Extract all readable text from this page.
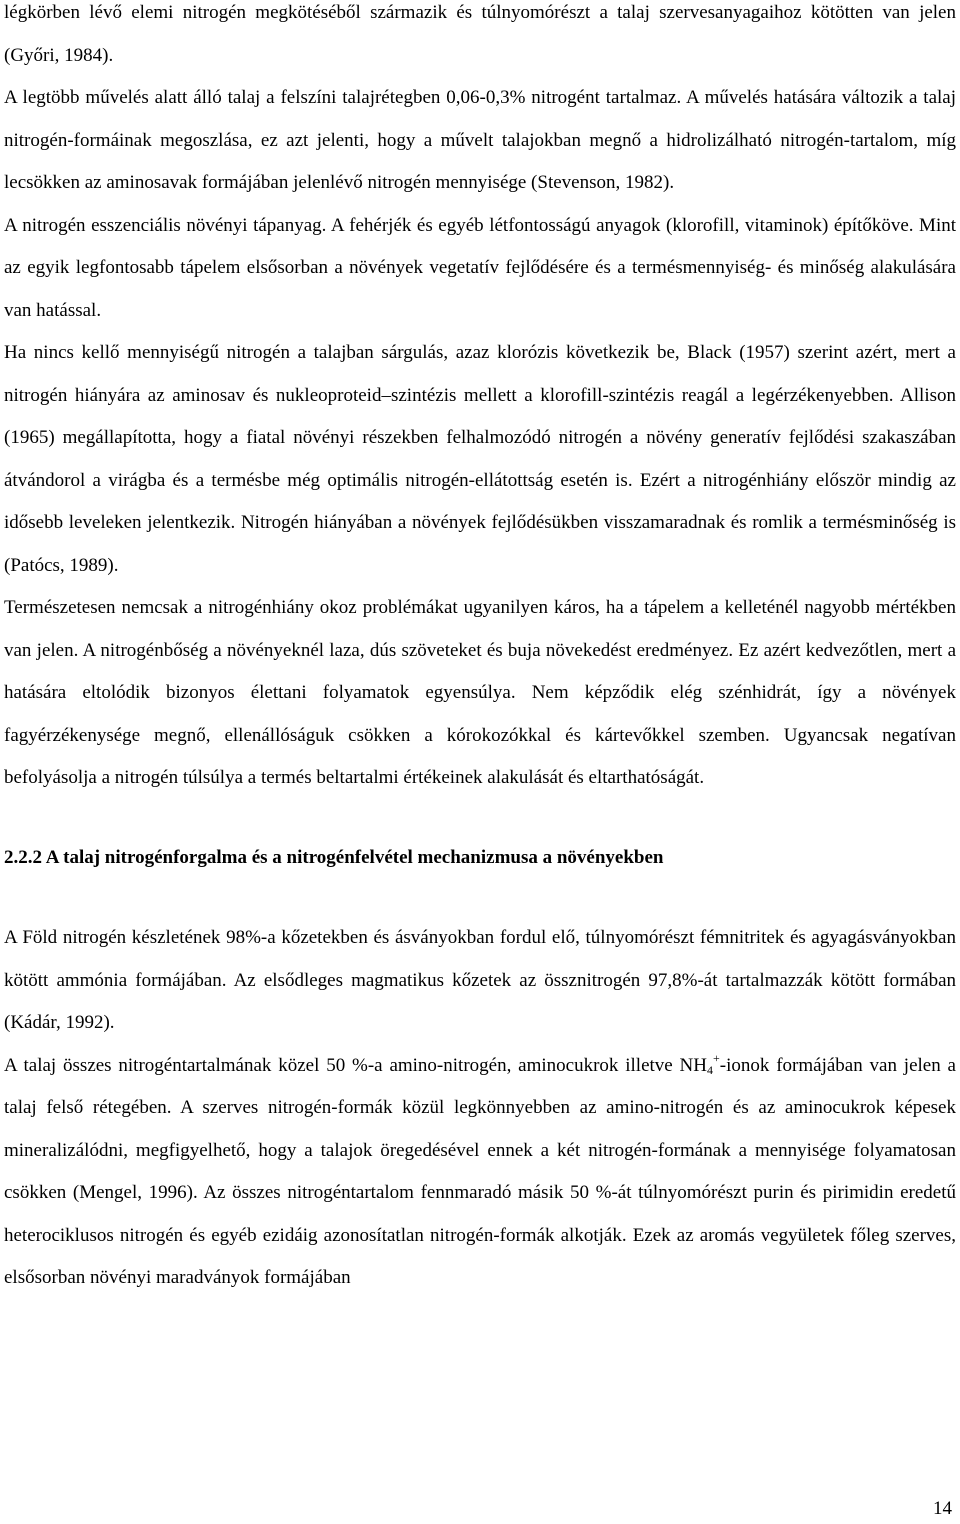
légkörben lévő elemi nitrogén megkötéséből származik és túlnyomórészt a talaj szervesanyagaihoz kötötten van jelen (Győri, 1984).

A legtöbb művelés alatt álló talaj a felszíni talajrétegben 0,06-0,3% nitrogént tartalmaz. A művelés hatására változik a talaj nitrogén-formáinak megoszlása, ez azt jelenti, hogy a művelt talajokban megnő a hidrolizálható nitrogén-tartalom, míg lecsökken az aminosavak formájában jelenlévő nitrogén mennyisége (Stevenson, 1982).

A nitrogén esszenciális növényi tápanyag. A fehérjék és egyéb létfontosságú anyagok (klorofill, vitaminok) építőköve. Mint az egyik legfontosabb tápelem elsősorban a növények vegetatív fejlődésére és a termésmennyiség- és minőség alakulására van hatással.

Ha nincs kellő mennyiségű nitrogén a talajban sárgulás, azaz klorózis következik be, Black (1957) szerint azért, mert a nitrogén hiányára az aminosav és nukleoproteid–szintézis mellett a klorofill-szintézis reagál a legérzékenyebben. Allison (1965) megállapította, hogy a fiatal növényi részekben felhalmozódó nitrogén a növény generatív fejlődési szakaszában átvándorol a virágba és a termésbe még optimális nitrogén-ellátottság esetén is. Ezért a nitrogénhiány először mindig az idősebb leveleken jelentkezik. Nitrogén hiányában a növények fejlődésükben visszamaradnak és romlik a termésminőség is (Patócs, 1989).

Természetesen nemcsak a nitrogénhiány okoz problémákat ugyanilyen káros, ha a tápelem a kelleténél nagyobb mértékben van jelen. A nitrogénbőség a növényeknél laza, dús szöveteket és buja növekedést eredményez. Ez azért kedvezőtlen, mert a hatására eltolódik bizonyos élettani folyamatok egyensúlya. Nem képződik elég szénhidrát, így a növények fagyérzékenysége megnő, ellenállóságuk csökken a kórokozókkal és kártevőkkel szemben. Ugyancsak negatívan befolyásolja a nitrogén túlsúlya a termés beltartalmi értékeinek alakulását és eltarthatóságát.

2.2.2 A talaj nitrogénforgalma és a nitrogénfelvétel mechanizmusa a növényekben

A Föld nitrogén készletének 98%-a kőzetekben és ásványokban fordul elő, túlnyomórészt fémnitritek és agyagásványokban kötött ammónia formájában. Az elsődleges magmatikus kőzetek az össznitrogén 97,8%-át tartalmazzák kötött formában (Kádár, 1992).

A talaj összes nitrogéntartalmának közel 50 %-a amino-nitrogén, aminocukrok illetve $NH_4^+$-ionok formájában van jelen a talaj felső rétegében. A szerves nitrogén-formák közül legkönnyebben az amino-nitrogén és az aminocukrok képesek mineralizálódni, megfigyelhető, hogy a talajok öregedésével ennek a két nitrogén-formának a mennyisége folyamatosan csökken (Mengel, 1996). Az összes nitrogéntartalom fennmaradó másik 50 %-át túlnyomórészt purin és pirimidin eredetű heterociklusos nitrogén és egyéb ezidáig azonosítatlan nitrogén-formák alkotják. Ezek az aromás vegyületek főleg szerves, elsősorban növényi maradványok formájában

14
